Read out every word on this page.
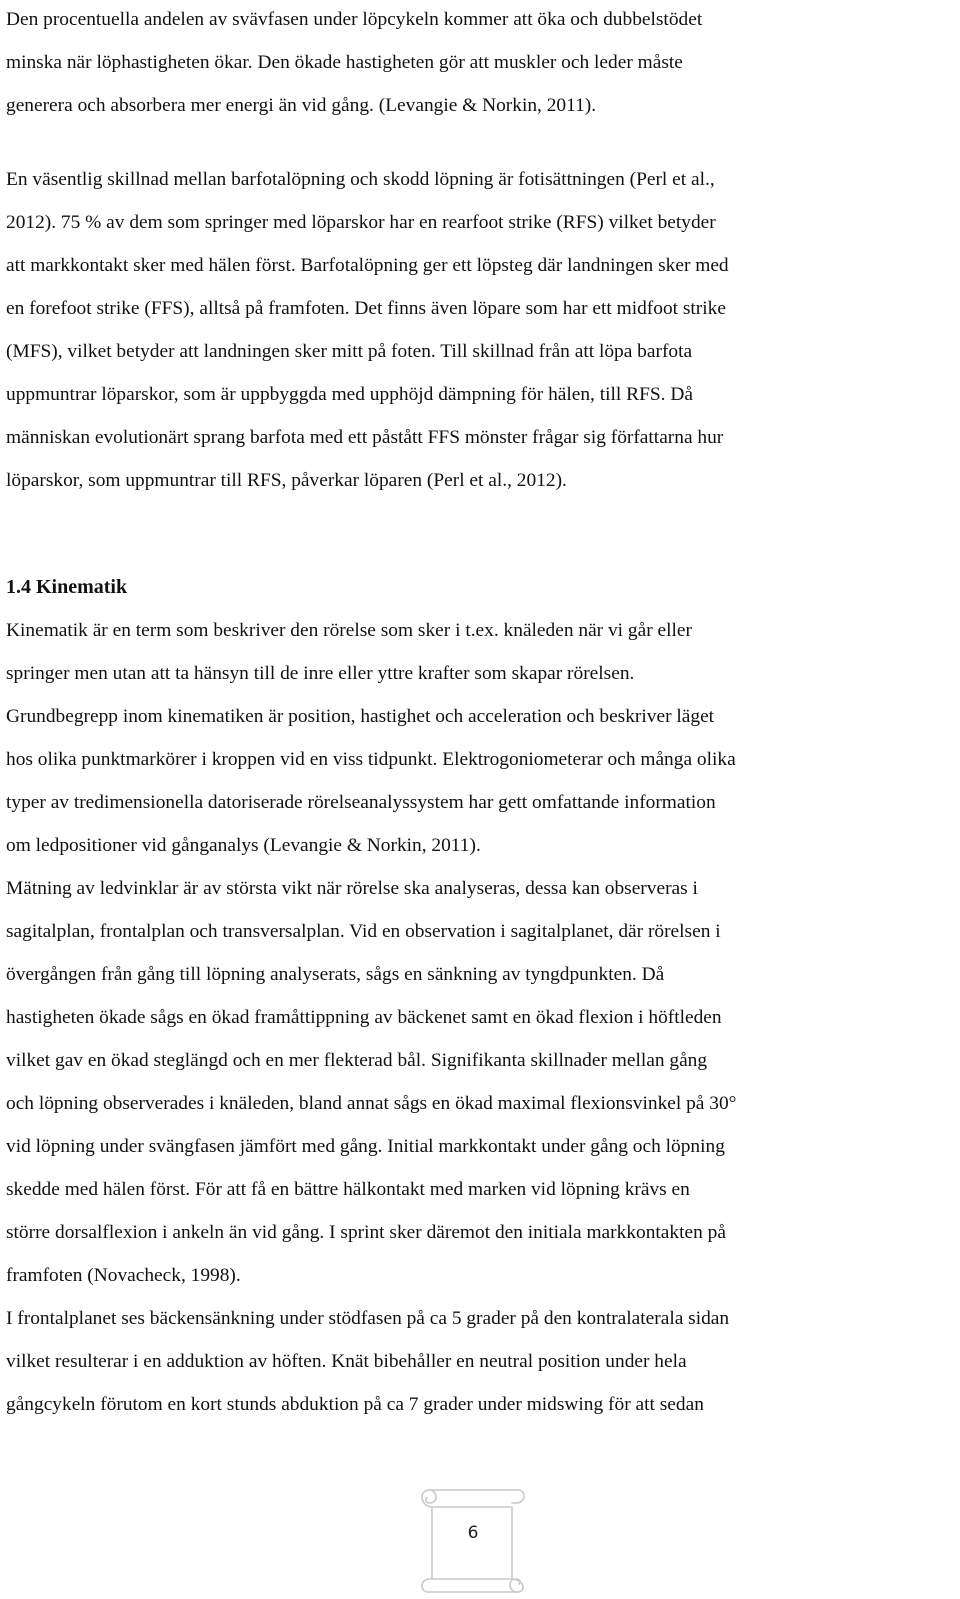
Den procentuella andelen av svävfasen under löpcykeln kommer att öka och dubbelstödet

minska när löphastigheten ökar. Den ökade hastigheten gör att muskler och leder måste

generera och absorbera mer energi än vid gång. (Levangie & Norkin, 2011).

En väsentlig skillnad mellan barfotalöpning och skodd löpning är fotisättningen (Perl et al.,

2012). 75 % av dem som springer med löparskor har en rearfoot strike (RFS) vilket betyder

att markkontakt sker med hälen först. Barfotalöpning ger ett löpsteg där landningen sker med

en forefoot strike (FFS), alltså på framfoten. Det finns även löpare som har ett midfoot strike

(MFS), vilket betyder att landningen sker mitt på foten. Till skillnad från att löpa barfota

uppmuntrar löparskor, som är uppbyggda med upphöjd dämpning för hälen, till RFS. Då

människan evolutionärt sprang barfota med ett påstått FFS mönster frågar sig författarna hur

löparskor, som uppmuntrar till RFS, påverkar löparen (Perl et al., 2012).

1.4 Kinematik

Kinematik är en term som beskriver den rörelse som sker i t.ex. knäleden när vi går eller

springer men utan att ta hänsyn till de inre eller yttre krafter som skapar rörelsen.

Grundbegrepp inom kinematiken är position, hastighet och acceleration och beskriver läget

hos olika punktmarkörer i kroppen vid en viss tidpunkt. Elektrogoniometerar och många olika

typer av tredimensionella datoriserade rörelseanalyssystem har gett omfattande information

om ledpositioner vid gånganalys (Levangie & Norkin, 2011).

Mätning av ledvinklar är av största vikt när rörelse ska analyseras, dessa kan observeras i

sagitalplan, frontalplan och transversalplan. Vid en observation i sagitalplanet, där rörelsen i

övergången från gång till löpning analyserats, sågs en sänkning av tyngdpunkten. Då

hastigheten ökade sågs en ökad framåttippning av bäckenet samt en ökad flexion i höftleden

vilket gav en ökad steglängd och en mer flekterad bål. Signifikanta skillnader mellan gång

och löpning observerades i knäleden, bland annat sågs en ökad maximal flexionsvinkel på 30°

vid löpning under svängfasen jämfört med gång. Initial markkontakt under gång och löpning

skedde med hälen först. För att få en bättre hälkontakt med marken vid löpning krävs en

större dorsalflexion i ankeln än vid gång. I sprint sker däremot den initiala markkontakten på

framfoten (Novacheck, 1998).

I frontalplanet ses bäckensänkning under stödfasen på ca 5 grader på den kontralaterala sidan

vilket resulterar i en adduktion av höften. Knät bibehåller en neutral position under hela

gångcykeln förutom en kort stunds abduktion på ca 7 grader under midswing för att sedan

6
